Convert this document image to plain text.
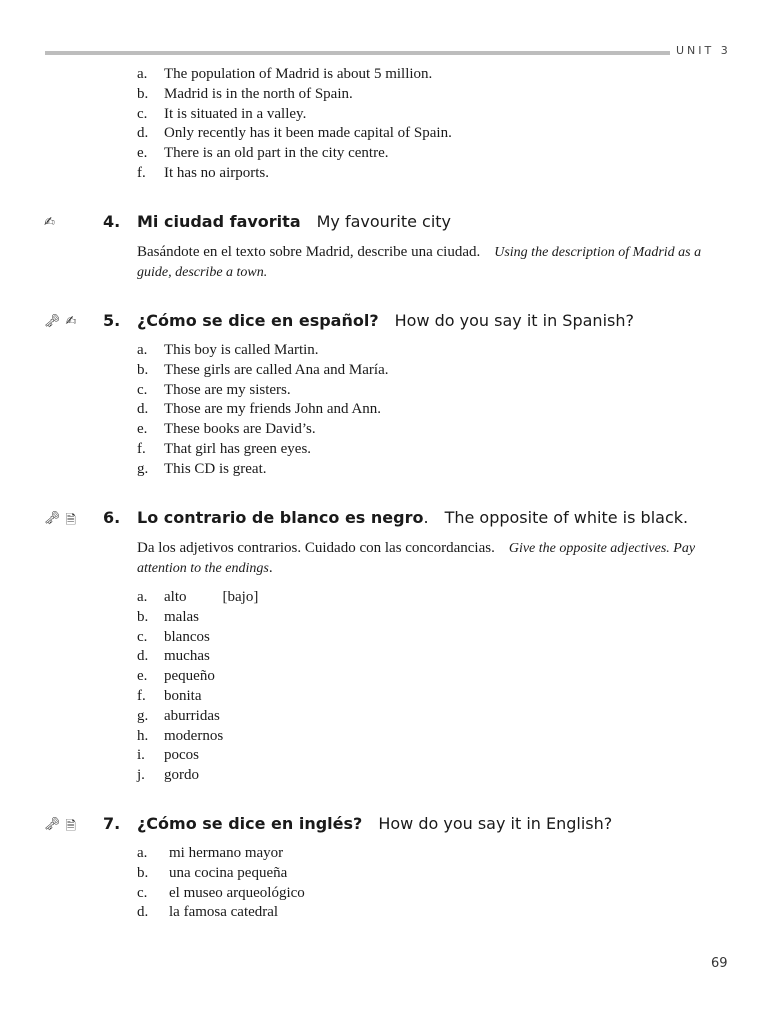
UNIT 3
a.	The population of Madrid is about 5 million.
b.	Madrid is in the north of Spain.
c.	It is situated in a valley.
d.	Only recently has it been made capital of Spain.
e.	There is an old part in the city centre.
f.	It has no airports.
✍	4. Mi ciudad favorita My favourite city
Basándote en el texto sobre Madrid, describe una ciudad. Using the description of Madrid as a guide, describe a town.
🗝 ✍ 5. ¿Cómo se dice en español? How do you say it in Spanish?
a.	This boy is called Martin.
b.	These girls are called Ana and María.
c.	Those are my sisters.
d.	Those are my friends John and Ann.
e.	These books are David’s.
f.	That girl has green eyes.
g.	This CD is great.
🗝 🗎 6. Lo contrario de blanco es negro. The opposite of white is black.
Da los adjetivos contrarios. Cuidado con las concordancias. Give the opposite adjectives. Pay attention to the endings.
a.	alto [bajo]
b.	malas
c.	blancos
d.	muchas
e.	pequeño
f.	bonita
g.	aburridas
h.	modernos
i.	pocos
j.	gordo
🗝 🗎 7. ¿Cómo se dice en inglés? How do you say it in English?
a.	mi hermano mayor
b.	una cocina pequeña
c.	el museo arqueológico
d.	la famosa catedral
69
